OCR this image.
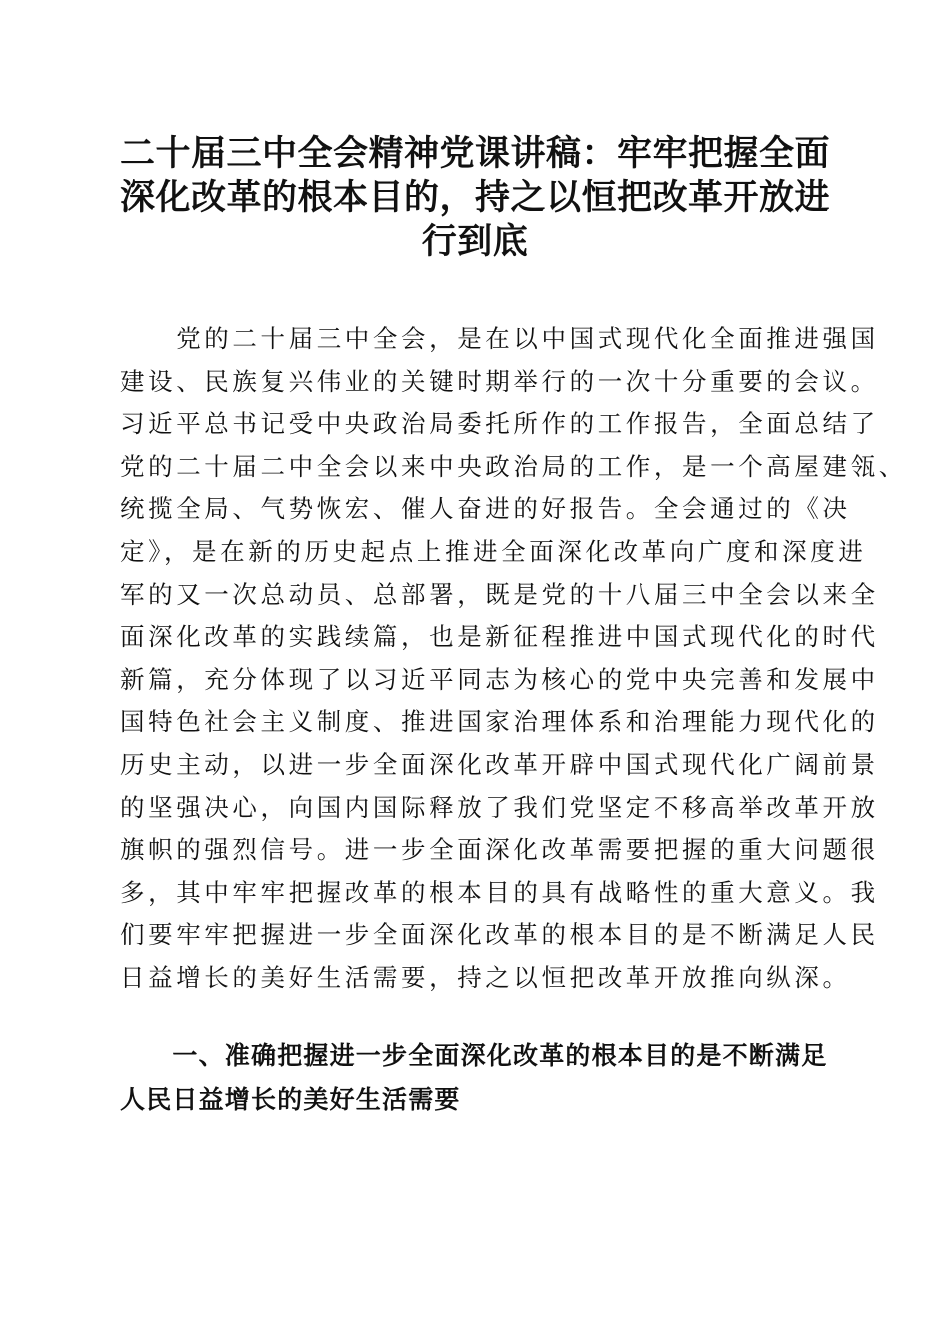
二十届三中全会精神党课讲稿：牢牢把握全面
深化改革的根本目的，持之以恒把改革开放进
行到底
　　党的二十届三中全会，是在以中国式现代化全面推进强国
建设、民族复兴伟业的关键时期举行的一次十分重要的会议。
习近平总书记受中央政治局委托所作的工作报告，全面总结了
党的二十届二中全会以来中央政治局的工作，是一个高屋建瓴、
统揽全局、气势恢宏、催人奋进的好报告。全会通过的《决
定》，是在新的历史起点上推进全面深化改革向广度和深度进
军的又一次总动员、总部署，既是党的十八届三中全会以来全
面深化改革的实践续篇，也是新征程推进中国式现代化的时代
新篇，充分体现了以习近平同志为核心的党中央完善和发展中
国特色社会主义制度、推进国家治理体系和治理能力现代化的
历史主动，以进一步全面深化改革开辟中国式现代化广阔前景
的坚强决心，向国内国际释放了我们党坚定不移高举改革开放
旗帜的强烈信号。进一步全面深化改革需要把握的重大问题很
多，其中牢牢把握改革的根本目的具有战略性的重大意义。我
们要牢牢把握进一步全面深化改革的根本目的是不断满足人民
日益增长的美好生活需要，持之以恒把改革开放推向纵深。
　　一、准确把握进一步全面深化改革的根本目的是不断满足
人民日益增长的美好生活需要
